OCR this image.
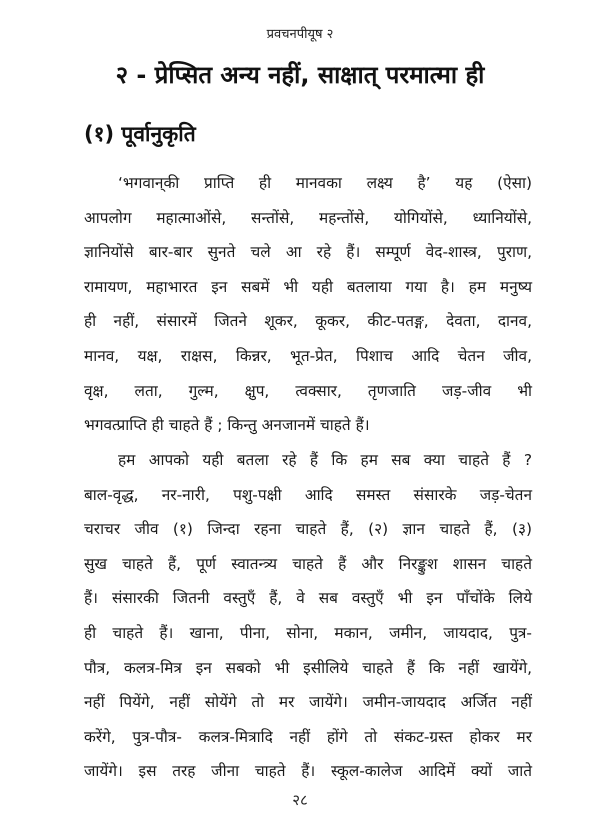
प्रवचनपीयूष २
२ - प्रेप्सित अन्य नहीं, साक्षात् परमात्मा ही
(१) पूर्वानुकृति
‘भगवान्‌की प्राप्ति ही मानवका लक्ष्य है’ यह (ऐसा)
आपलोग महात्माओंसे, सन्तोंसे, महन्तोंसे, योगियोंसे, ध्यानियोंसे,
ज्ञानियोंसे बार-बार सुनते चले आ रहे हैं। सम्पूर्ण वेद-शास्त्र, पुराण,
रामायण, महाभारत इन सबमें भी यही बतलाया गया है। हम मनुष्य
ही नहीं, संसारमें जितने शूकर, कूकर, कीट-पतङ्ग, देवता, दानव,
मानव, यक्ष, राक्षस, किन्नर, भूत-प्रेत, पिशाच आदि चेतन जीव,
वृक्ष, लता, गुल्म, क्षुप, त्वक्सार, तृणजाति जड़-जीव भी
भगवत्प्राप्ति ही चाहते हैं ; किन्तु अनजानमें चाहते हैं।
हम आपको यही बतला रहे हैं कि हम सब क्या चाहते हैं ?
बाल-वृद्ध, नर-नारी, पशु-पक्षी आदि समस्त संसारके जड़-चेतन
चराचर जीव (१) जिन्दा रहना चाहते हैं, (२) ज्ञान चाहते हैं, (३)
सुख चाहते हैं, पूर्ण स्वातन्त्र्य चाहते हैं और निरङ्कुश शासन चाहते
हैं। संसारकी जितनी वस्तुएँ हैं, वे सब वस्तुएँ भी इन पाँचोंके लिये
ही चाहते हैं। खाना, पीना, सोना, मकान, जमीन, जायदाद, पुत्र-
पौत्र, कलत्र-मित्र इन सबको भी इसीलिये चाहते हैं कि नहीं खायेंगे,
नहीं पियेंगे, नहीं सोयेंगे तो मर जायेंगे। जमीन-जायदाद अर्जित नहीं
करेंगे, पुत्र-पौत्र- कलत्र-मित्रादि नहीं होंगे तो संकट-ग्रस्त होकर मर
जायेंगे। इस तरह जीना चाहते हैं। स्कूल-कालेज आदिमें क्यों जाते
२८
